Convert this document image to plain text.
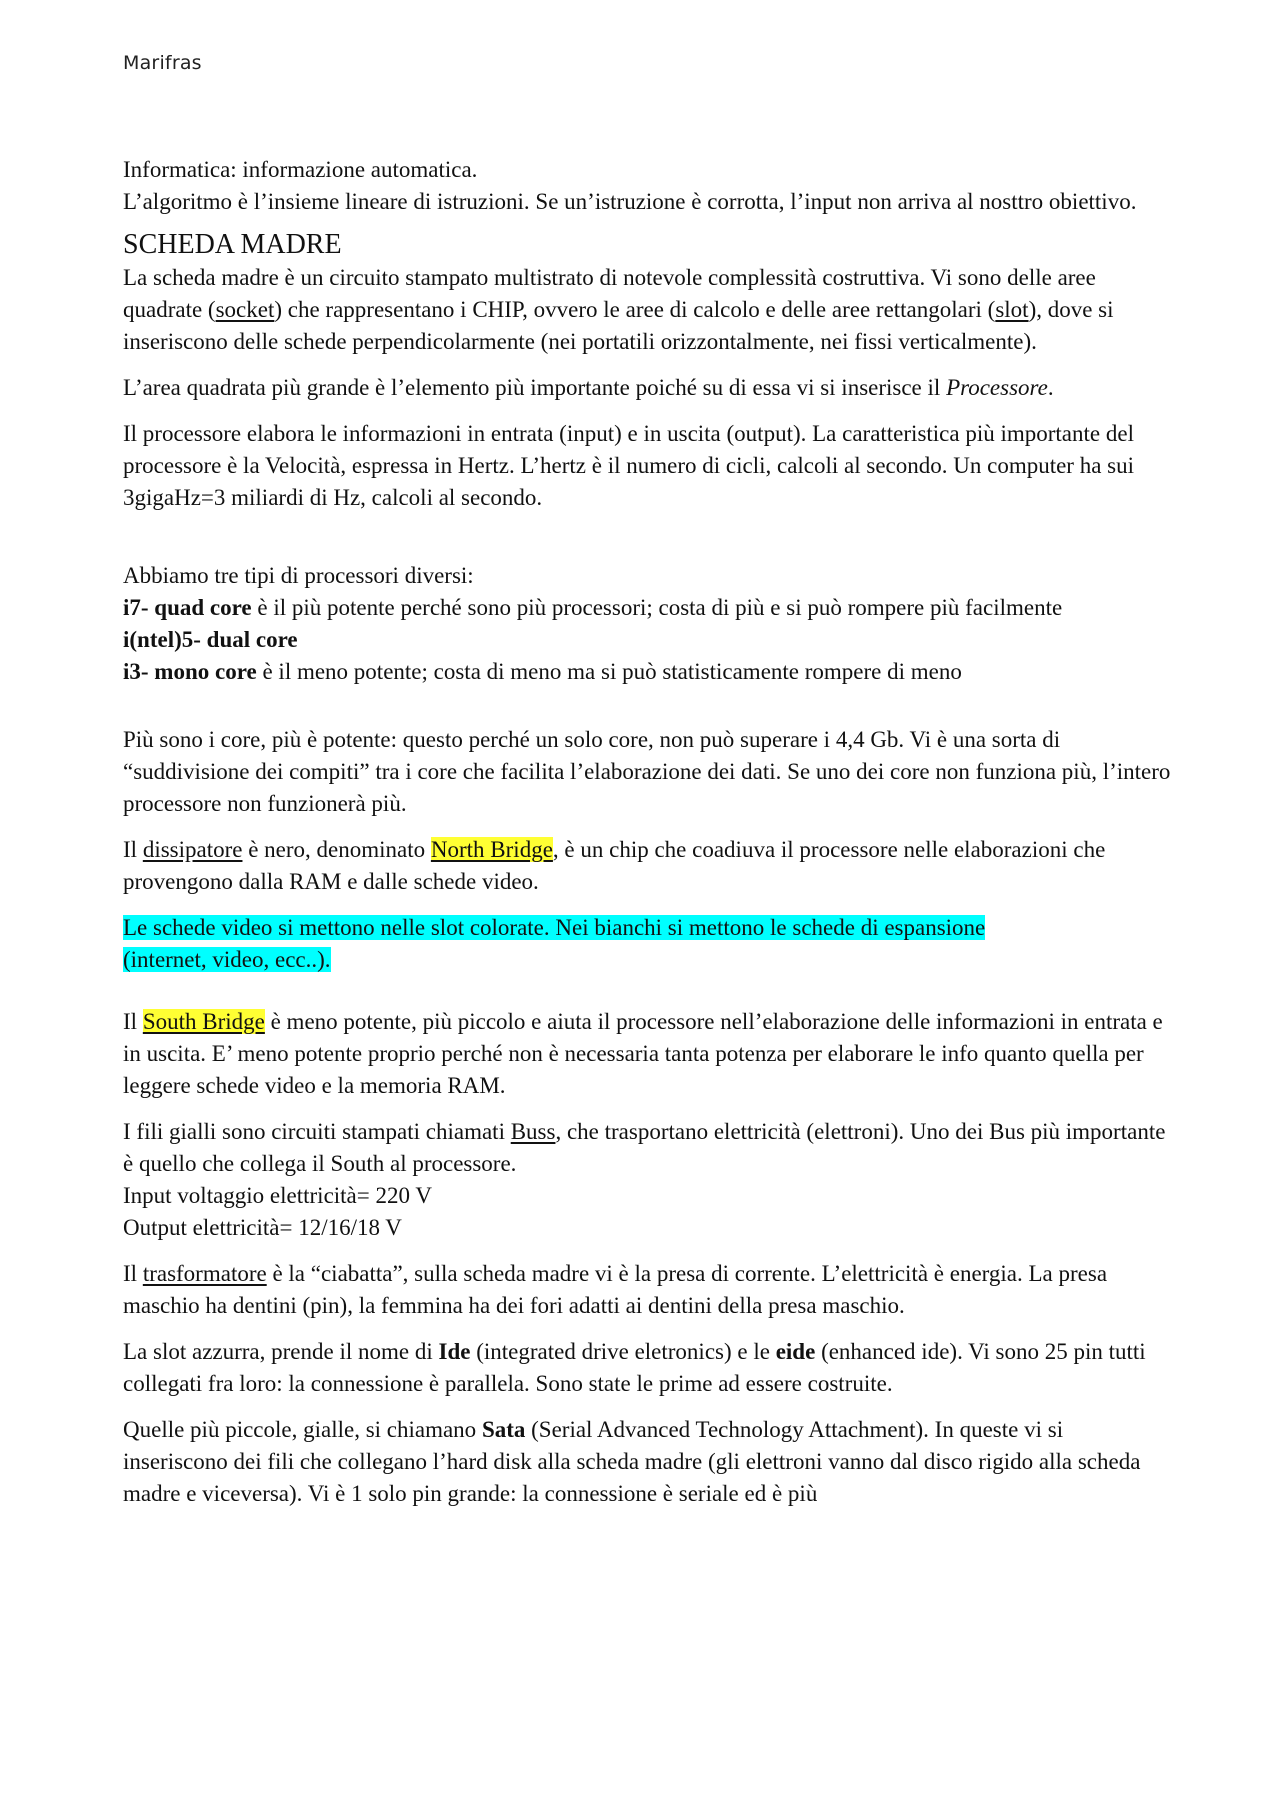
Marifras

Informatica: informazione automatica.
L’algoritmo è l’insieme lineare di istruzioni. Se un’istruzione è corrotta, l’input non arriva al nosttro obiettivo.

SCHEDA MADRE

La scheda madre è un circuito stampato multistrato di notevole complessità costruttiva. Vi sono delle aree quadrate (socket) che rappresentano i CHIP, ovvero le aree di calcolo e delle aree rettangolari (slot), dove si inseriscono delle schede perpendicolarmente (nei portatili orizzontalmente, nei fissi verticalmente).

L’area quadrata più grande è l’elemento più importante poiché su di essa vi si inserisce il Processore.

Il processore elabora le informazioni in entrata (input) e in uscita (output). La caratteristica più importante del processore è la Velocità, espressa in Hertz. L’hertz è il numero di cicli, calcoli al secondo. Un computer ha sui 3gigaHz=3 miliardi di Hz, calcoli al secondo.

Abbiamo tre tipi di processori diversi:
i7- quad core è il più potente perché sono più processori; costa di più e si può rompere più facilmente
i(ntel)5- dual core
i3- mono core è il meno potente; costa di meno ma si può statisticamente rompere di meno

Più sono i core, più è potente: questo perché un solo core, non può superare i 4,4 Gb. Vi è una sorta di “suddivisione dei compiti” tra i core che facilita l’elaborazione dei dati. Se uno dei core non funziona più, l’intero processore non funzionerà più.

Il dissipatore è nero, denominato North Bridge, è un chip che coadiuva il processore nelle elaborazioni che provengono dalla RAM e dalle schede video.

Le schede video si mettono nelle slot colorate. Nei bianchi si mettono le schede di espansione
(internet, video, ecc..).

Il South Bridge è meno potente, più piccolo e aiuta il processore nell’elaborazione delle informazioni in entrata e in uscita. E’ meno potente proprio perché non è necessaria tanta potenza per elaborare le info quanto quella per leggere schede video e la memoria RAM.

I fili gialli sono circuiti stampati chiamati Buss, che trasportano elettricità (elettroni). Uno dei Bus più importante è quello che collega il South al processore.
Input voltaggio elettricità= 220 V
Output elettricità= 12/16/18 V

Il trasformatore è la “ciabatta”, sulla scheda madre vi è la presa di corrente. L’elettricità è energia. La presa maschio ha dentini (pin), la femmina ha dei fori adatti ai dentini della presa maschio.

La slot azzurra, prende il nome di Ide (integrated drive eletronics) e le eide (enhanced ide). Vi sono 25 pin tutti collegati fra loro: la connessione è parallela. Sono state le prime ad essere costruite.

Quelle più piccole, gialle, si chiamano Sata (Serial Advanced Technology Attachment). In queste vi si inseriscono dei fili che collegano l’hard disk alla scheda madre (gli elettroni vanno dal disco rigido alla scheda madre e viceversa). Vi è 1 solo pin grande: la connessione è seriale ed è più
